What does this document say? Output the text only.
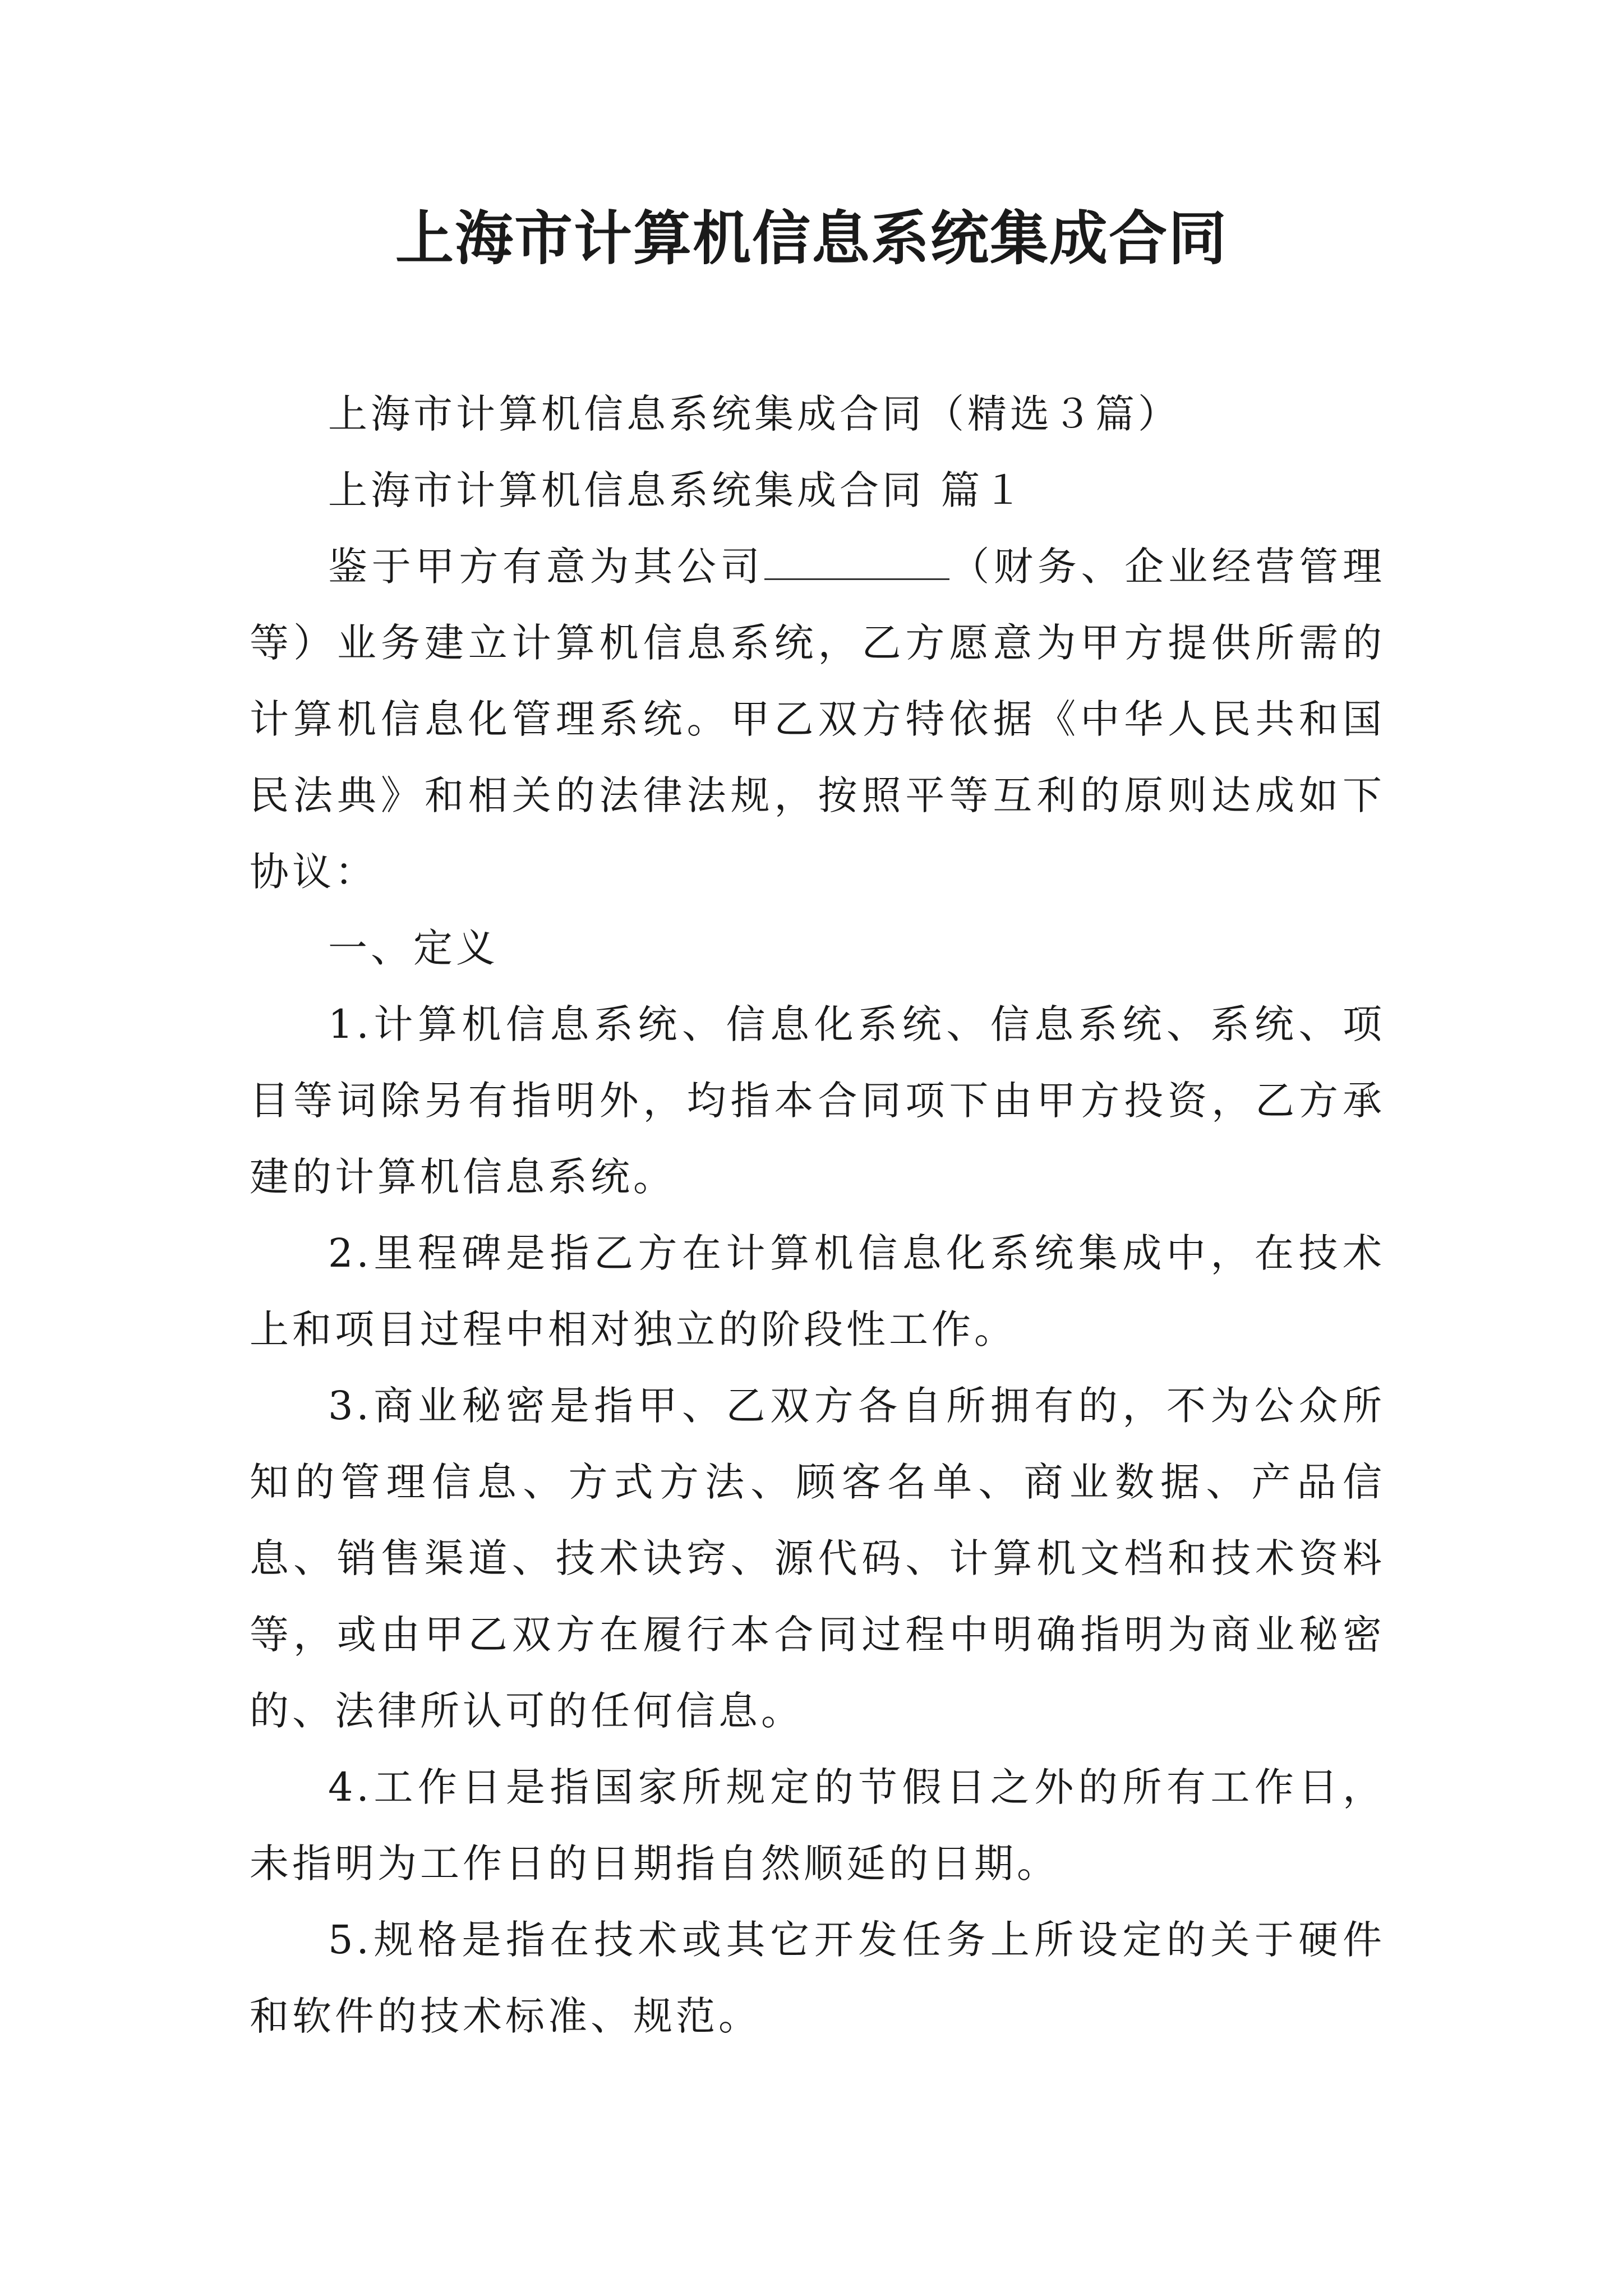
上海市计算机信息系统集成合同

上海市计算机信息系统集成合同（精选３篇）

上海市计算机信息系统集成合同 篇１

鉴于甲方有意为其公司	（财务、企业经营管理等）业务建立计算机信息系统，乙方愿意为甲方提供所需的计算机信息化管理系统。甲乙双方特依据《中华人民共和国民法典》和相关的法律法规，按照平等互利的原则达成如下协议：

一、定义

1.计算机信息系统、信息化系统、信息系统、系统、项目等词除另有指明外，均指本合同项下由甲方投资，乙方承建的计算机信息系统。

2.里程碑是指乙方在计算机信息化系统集成中，在技术上和项目过程中相对独立的阶段性工作。

3.商业秘密是指甲、乙双方各自所拥有的，不为公众所知的管理信息、方式方法、顾客名单、商业数据、产品信息、销售渠道、技术诀窍、源代码、计算机文档和技术资料等，或由甲乙双方在履行本合同过程中明确指明为商业秘密的、法律所认可的任何信息。

4.工作日是指国家所规定的节假日之外的所有工作日，未指明为工作日的日期指自然顺延的日期。

5.规格是指在技术或其它开发任务上所设定的关于硬件和软件的技术标准、规范。
